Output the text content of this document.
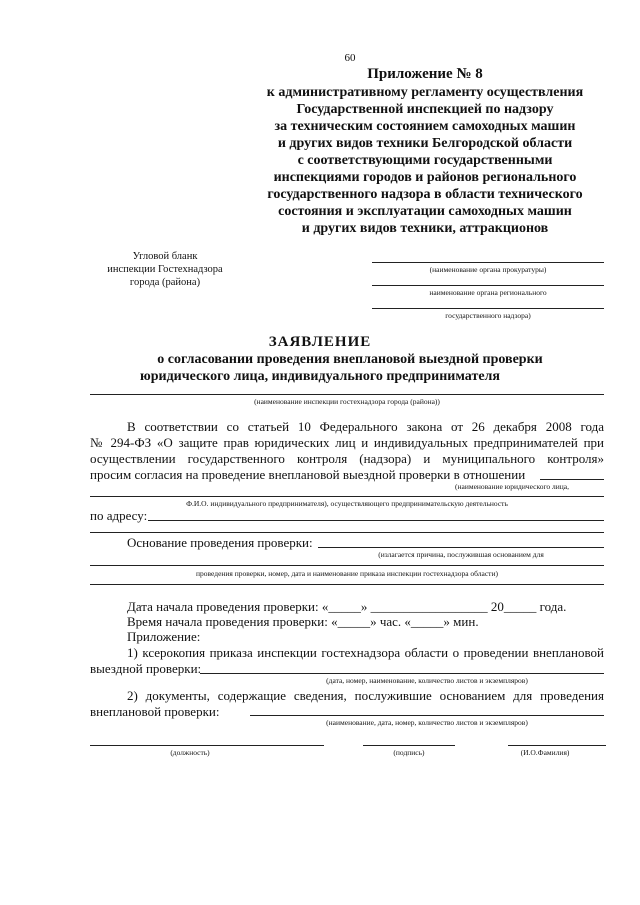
60
Приложение № 8
к административному регламенту осуществления
Государственной инспекцией по надзору
за техническим состоянием самоходных машин
и других видов техники Белгородской области
с соответствующими государственными
инспекциями городов и районов регионального
государственного надзора в области технического
состояния и эксплуатации самоходных машин
и других видов техники, аттракционов
Угловой бланк
инспекции Гостехнадзора
города (района)
(наименование органа прокуратуры)
наименование органа регионального
государственного надзора)
ЗАЯВЛЕНИЕ
о согласовании проведения внеплановой выездной проверки
юридического лица, индивидуального предпринимателя
(наименование инспекции гостехнадзора города (района))
В соответствии со статьей 10 Федерального закона от 26 декабря 2008 года
№ 294-ФЗ «О защите прав юридических лиц и индивидуальных предпринимателей при
осуществлении государственного контроля (надзора) и муниципального контроля»
просим согласия на проведение внеплановой выездной проверки в отношении
(наименование юридического лица,
Ф.И.О. индивидуального предпринимателя), осуществляющего предпринимательскую деятельность
по адресу:
Основание проведения проверки:
(излагается причина, послужившая основанием для
проведения проверки, номер, дата и наименование приказа инспекции гостехнадзора области)
Дата начала проведения проверки: «_____» __________________ 20_____ года.
Время начала проведения проверки: «_____» час. «_____» мин.
Приложение:
1) ксерокопия приказа инспекции гостехнадзора области о проведении внеплановой
выездной проверки:
(дата, номер, наименование, количество листов и экземпляров)
2) документы, содержащие сведения, послужившие основанием для проведения
внеплановой проверки:
(наименование, дата, номер, количество листов и экземпляров)
(должность)	(подпись)	(И.О.Фамилия)
